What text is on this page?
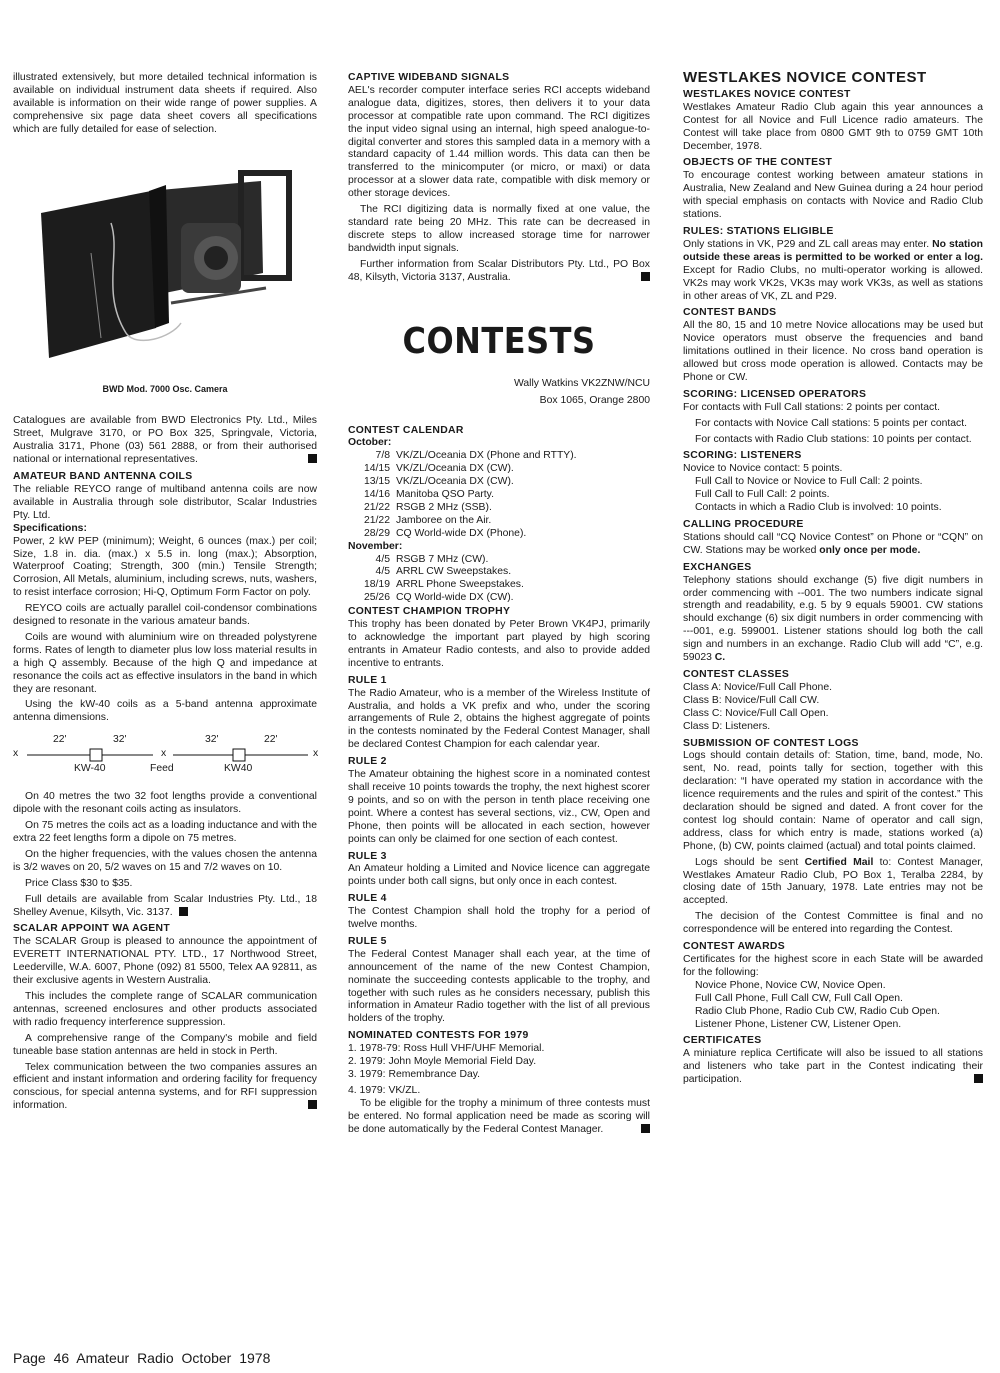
illustrated extensively, but more detailed technical information is available on individual instrument data sheets if required. Also available is information on their wide range of power supplies. A comprehensive six page data sheet covers all specifications which are fully detailed for ease of selection.

BWD Mod. 7000 Osc. Camera

Catalogues are available from BWD Electronics Pty. Ltd., Miles Street, Mulgrave 3170, or PO Box 325, Springvale, Victoria, Australia 3171, Phone (03) 561 2888, or from their authorised national or international representatives.

AMATEUR BAND ANTENNA COILS

The reliable REYCO range of multiband antenna coils are now available in Australia through sole distributor, Scalar Industries Pty. Ltd.

Specifications:

Power, 2 kW PEP (minimum); Weight, 6 ounces (max.) per coil; Size, 1.8 in. dia. (max.) x 5.5 in. long (max.); Absorption, Waterproof Coating; Strength, 300 (min.) Tensile Strength; Corrosion, All Metals, aluminium, including screws, nuts, washers, to resist interface corrosion; Hi-Q, Optimum Form Factor on poly.

REYCO coils are actually parallel coil-condensor combinations designed to resonate in the various amateur bands.

Coils are wound with aluminium wire on threaded polystyrene forms. Rates of length to diameter plus low loss material results in a high Q assembly. Because of the high Q and impedance at resonance the coils act as effective insulators in the band in which they are resonant.

Using the kW-40 coils as a 5-band antenna approximate antenna dimensions.

x
22'	32'
x
32'	22'
x
KW-40	Feed	KW40

On 40 metres the two 32 foot lengths provide a conventional dipole with the resonant coils acting as insulators.

On 75 metres the coils act as a loading inductance and with the extra 22 feet lengths form a dipole on 75 metres.

On the higher frequencies, with the values chosen the antenna is 3/2 waves on 20, 5/2 waves on 15 and 7/2 waves on 10.

Price Class $30 to $35.

Full details are available from Scalar Industries Pty. Ltd., 18 Shelley Avenue, Kilsyth, Vic. 3137.

SCALAR APPOINT WA AGENT

The SCALAR Group is pleased to announce the appointment of EVERETT INTERNATIONAL PTY. LTD., 17 Northwood Street, Leederville, W.A. 6007, Phone (092) 81 5500, Telex AA 92811, as their exclusive agents in Western Australia.

This includes the complete range of SCALAR communication antennas, screened enclosures and other products associated with radio frequency interference suppression.

A comprehensive range of the Company's mobile and field tuneable base station antennas are held in stock in Perth.

Telex communication between the two companies assures an efficient and instant information and ordering facility for frequency conscious, for special antenna systems, and for RFI suppression information.

CAPTIVE WIDEBAND SIGNALS

AEL's recorder computer interface series RCI accepts wideband analogue data, digitizes, stores, then delivers it to your data processor at compatible rate upon command. The RCI digitizes the input video signal using an internal, high speed analogue-to-digital converter and stores this sampled data in a memory with a standard capacity of 1.44 million words. This data can then be transferred to the minicomputer (or micro, or maxi) or data processor at a slower data rate, compatible with disk memory or other storage devices.

The RCI digitizing data is normally fixed at one value, the standard rate being 20 MHz. This rate can be decreased in discrete steps to allow increased storage time for narrower bandwidth input signals.

Further information from Scalar Distributors Pty. Ltd., PO Box 48, Kilsyth, Victoria 3137, Australia.

CONTESTS
Wally Watkins VK2ZNW/NCU
Box 1065, Orange 2800
CONTEST CALENDAR
October:
7/8 VK/ZL/Oceania DX (Phone and RTTY).
14/15 VK/ZL/Oceania DX (CW).
13/15 VK/ZL/Oceania DX (CW).
14/16 Manitoba QSO Party.
21/22 RSGB 2 MHz (SSB).
21/22 Jamboree on the Air.
28/29 CQ World-wide DX (Phone).
November:
4/5 RSGB 7 MHz (CW).
4/5 ARRL CW Sweepstakes.
18/19 ARRL Phone Sweepstakes.
25/26 CQ World-wide DX (CW).
CONTEST CHAMPION TROPHY

This trophy has been donated by Peter Brown VK4PJ, primarily to acknowledge the important part played by high scoring entrants in Amateur Radio contests, and also to provide added incentive to entrants.

RULE 1

The Radio Amateur, who is a member of the Wireless Institute of Australia, and holds a VK prefix and who, under the scoring arrangements of Rule 2, obtains the highest aggregate of points in the contests nominated by the Federal Contest Manager, shall be declared Contest Champion for each calendar year.

RULE 2

The Amateur obtaining the highest score in a nominated contest shall receive 10 points towards the trophy, the next highest scorer 9 points, and so on with the person in tenth place receiving one point. Where a contest has several sections, viz., CW, Open and Phone, then points will be allocated in each section, however points can only be claimed for one section of each contest.

RULE 3

An Amateur holding a Limited and Novice licence can aggregate points under both call signs, but only once in each contest.

RULE 4

The Contest Champion shall hold the trophy for a period of twelve months.

RULE 5

The Federal Contest Manager shall each year, at the time of announcement of the name of the new Contest Champion, nominate the succeeding contests applicable to the trophy, and together with such rules as he considers necessary, publish this information in Amateur Radio together with the list of all previous holders of the trophy.

NOMINATED CONTESTS FOR 1979
1. 1978-79: Ross Hull VHF/UHF Memorial.
2. 1979: John Moyle Memorial Field Day.
3. 1979: Remembrance Day.
4. 1979: VK/ZL.

To be eligible for the trophy a minimum of three contests must be entered. No formal application need be made as scoring will be done automatically by the Federal Contest Manager.

WESTLAKES NOVICE CONTEST
WESTLAKES NOVICE CONTEST

Westlakes Amateur Radio Club again this year announces a Contest for all Novice and Full Licence radio amateurs. The Contest will take place from 0800 GMT 9th to 0759 GMT 10th December, 1978.

OBJECTS OF THE CONTEST

To encourage contest working between amateur stations in Australia, New Zealand and New Guinea during a 24 hour period with special emphasis on contacts with Novice and Radio Club stations.

RULES: STATIONS ELIGIBLE

Only stations in VK, P29 and ZL call areas may enter. No station outside these areas is permitted to be worked or enter a log. Except for Radio Clubs, no multi-operator working is allowed. VK2s may work VK2s, VK3s may work VK3s, as well as stations in other areas of VK, ZL and P29.

CONTEST BANDS

All the 80, 15 and 10 metre Novice allocations may be used but Novice operators must observe the frequencies and band limitations outlined in their licence. No cross band operation is allowed but cross mode operation is allowed. Contacts may be Phone or CW.

SCORING: LICENSED OPERATORS

For contacts with Full Call stations: 2 points per contact.

For contacts with Novice Call stations: 5 points per contact.

For contacts with Radio Club stations: 10 points per contact.

SCORING: LISTENERS

Novice to Novice contact: 5 points.

Full Call to Novice or Novice to Full Call: 2 points.

Full Call to Full Call: 2 points.

Contacts in which a Radio Club is involved: 10 points.

CALLING PROCEDURE

Stations should call “CQ Novice Contest” on Phone or “CQN” on CW. Stations may be worked only once per mode.

EXCHANGES

Telephony stations should exchange (5) five digit numbers in order commencing with --001. The two numbers indicate signal strength and readability, e.g. 5 by 9 equals 59001. CW stations should exchange (6) six digit numbers in order commencing with ---001, e.g. 599001. Listener stations should log both the call sign and numbers in an exchange. Radio Club will add “C”, e.g. 59023 C.

CONTEST CLASSES
Class A: Novice/Full Call Phone.
Class B: Novice/Full Call CW.
Class C: Novice/Full Call Open.
Class D: Listeners.
SUBMISSION OF CONTEST LOGS

Logs should contain details of: Station, time, band, mode, No. sent, No. read, points tally for section, together with this declaration: “I have operated my station in accordance with the licence requirements and the rules and spirit of the contest.” This declaration should be signed and dated. A front cover for the contest log should contain: Name of operator and call sign, address, class for which entry is made, stations worked (a) Phone, (b) CW, points claimed (actual) and total points claimed.

Logs should be sent Certified Mail to: Contest Manager, Westlakes Amateur Radio Club, PO Box 1, Teralba 2284, by closing date of 15th January, 1978. Late entries may not be accepted.

The decision of the Contest Committee is final and no correspondence will be entered into regarding the Contest.

CONTEST AWARDS

Certificates for the highest score in each State will be awarded for the following:

Novice Phone, Novice CW, Novice Open.

Full Call Phone, Full Call CW, Full Call Open.

Radio Club Phone, Radio Cub CW, Radio Cub Open.

Listener Phone, Listener CW, Listener Open.

CERTIFICATES

A miniature replica Certificate will also be issued to all stations and listeners who take part in the Contest indicating their participation.

Page 46 Amateur Radio October 1978
